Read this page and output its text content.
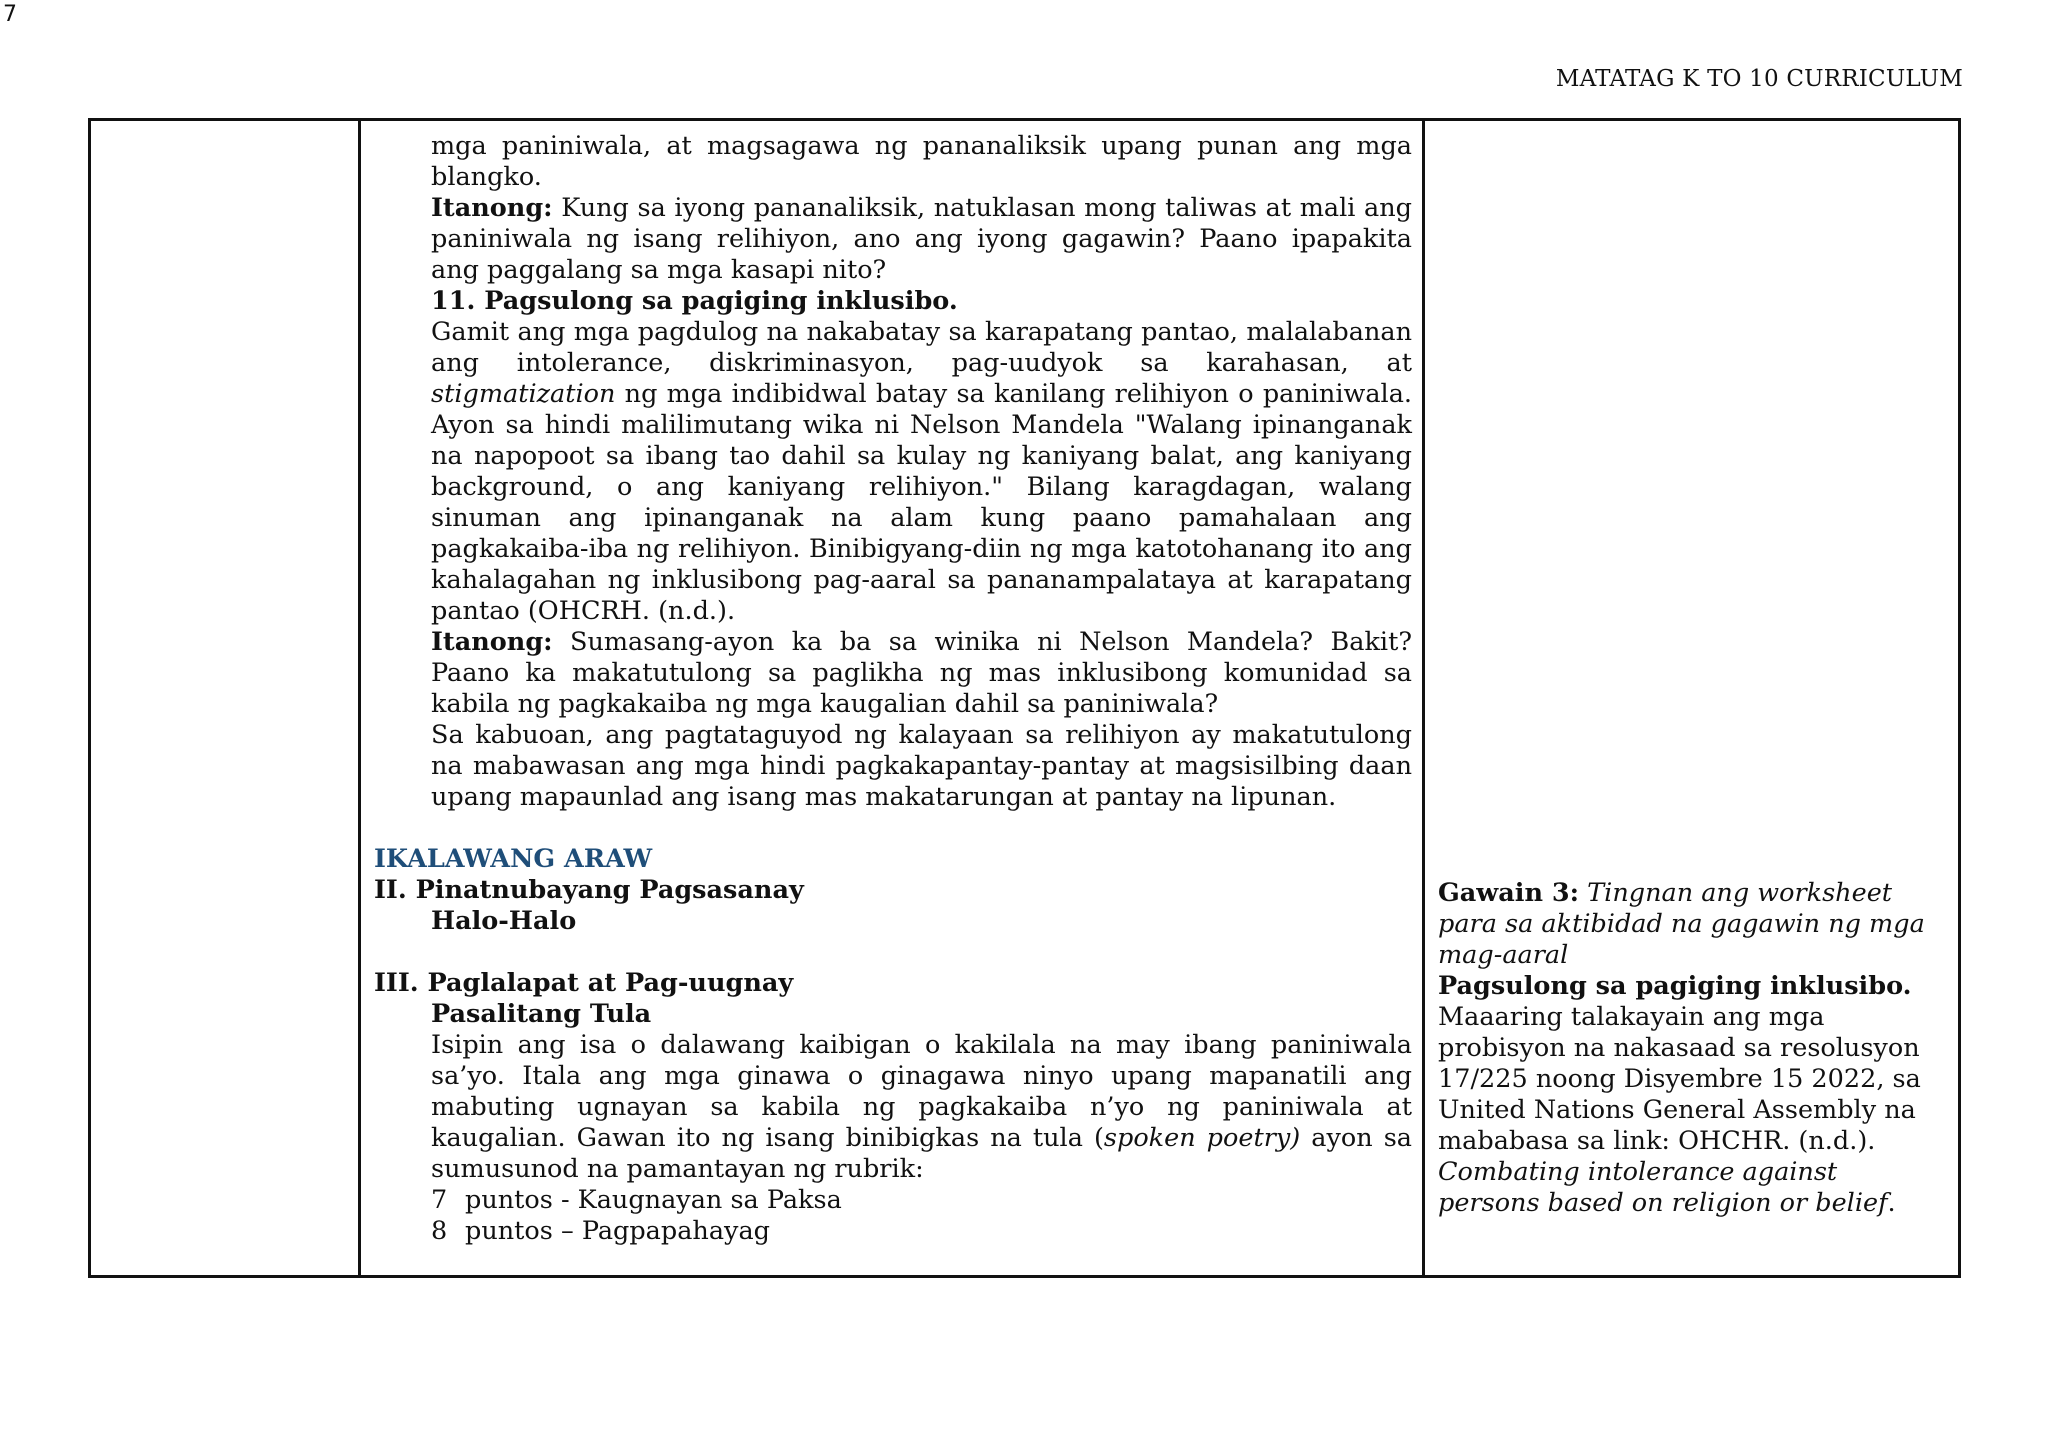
7
MATATAG K TO 10 CURRICULUM
mga paniniwala, at magsagawa ng pananaliksik upang punan ang mga blangko.
Itanong: Kung sa iyong pananaliksik, natuklasan mong taliwas at mali ang paniniwala ng isang relihiyon, ano ang iyong gagawin? Paano ipapakita ang paggalang sa mga kasapi nito?
11. Pagsulong sa pagiging inklusibo.
Gamit ang mga pagdulog na nakabatay sa karapatang pantao, malalabanan ang intolerance, diskriminasyon, pag-uudyok sa karahasan, at stigmatization ng mga indibidwal batay sa kanilang relihiyon o paniniwala. Ayon sa hindi malilimutang wika ni Nelson Mandela "Walang ipinanganak na napopoot sa ibang tao dahil sa kulay ng kaniyang balat, ang kaniyang background, o ang kaniyang relihiyon." Bilang karagdagan, walang sinuman ang ipinanganak na alam kung paano pamahalaan ang pagkakaiba-iba ng relihiyon. Binibigyang-diin ng mga katotohanang ito ang kahalagahan ng inklusibong pag-aaral sa pananampalataya at karapatang pantao (OHCRH. (n.d.).
Itanong: Sumasang-ayon ka ba sa winika ni Nelson Mandela? Bakit? Paano ka makatutulong sa paglikha ng mas inklusibong komunidad sa kabila ng pagkakaiba ng mga kaugalian dahil sa paniniwala?
Sa kabuoan, ang pagtataguyod ng kalayaan sa relihiyon ay makatutulong na mabawasan ang mga hindi pagkakapantay-pantay at magsisilbing daan upang mapaunlad ang isang mas makatarungan at pantay na lipunan.
IKALAWANG ARAW
II. Pinatnubayang Pagsasanay
Halo-Halo
III. Paglalapat at Pag-uugnay
Pasalitang Tula
Isipin ang isa o dalawang kaibigan o kakilala na may ibang paniniwala sa’yo. Itala ang mga ginawa o ginagawa ninyo upang mapanatili ang mabuting ugnayan sa kabila ng pagkakaiba n’yo ng paniniwala at kaugalian. Gawan ito ng isang binibigkas na tula (spoken poetry) ayon sa sumusunod na pamantayan ng rubrik:
7 puntos - Kaugnayan sa Paksa
8 puntos – Pagpapahayag
Gawain 3: Tingnan ang worksheet para sa aktibidad na gagawin ng mga mag-aaral
Pagsulong sa pagiging inklusibo.
Maaaring talakayain ang mga probisyon na nakasaad sa resolusyon 17/225 noong Disyembre 15 2022, sa United Nations General Assembly na mababasa sa link: OHCHR. (n.d.). Combating intolerance against persons based on religion or belief.
